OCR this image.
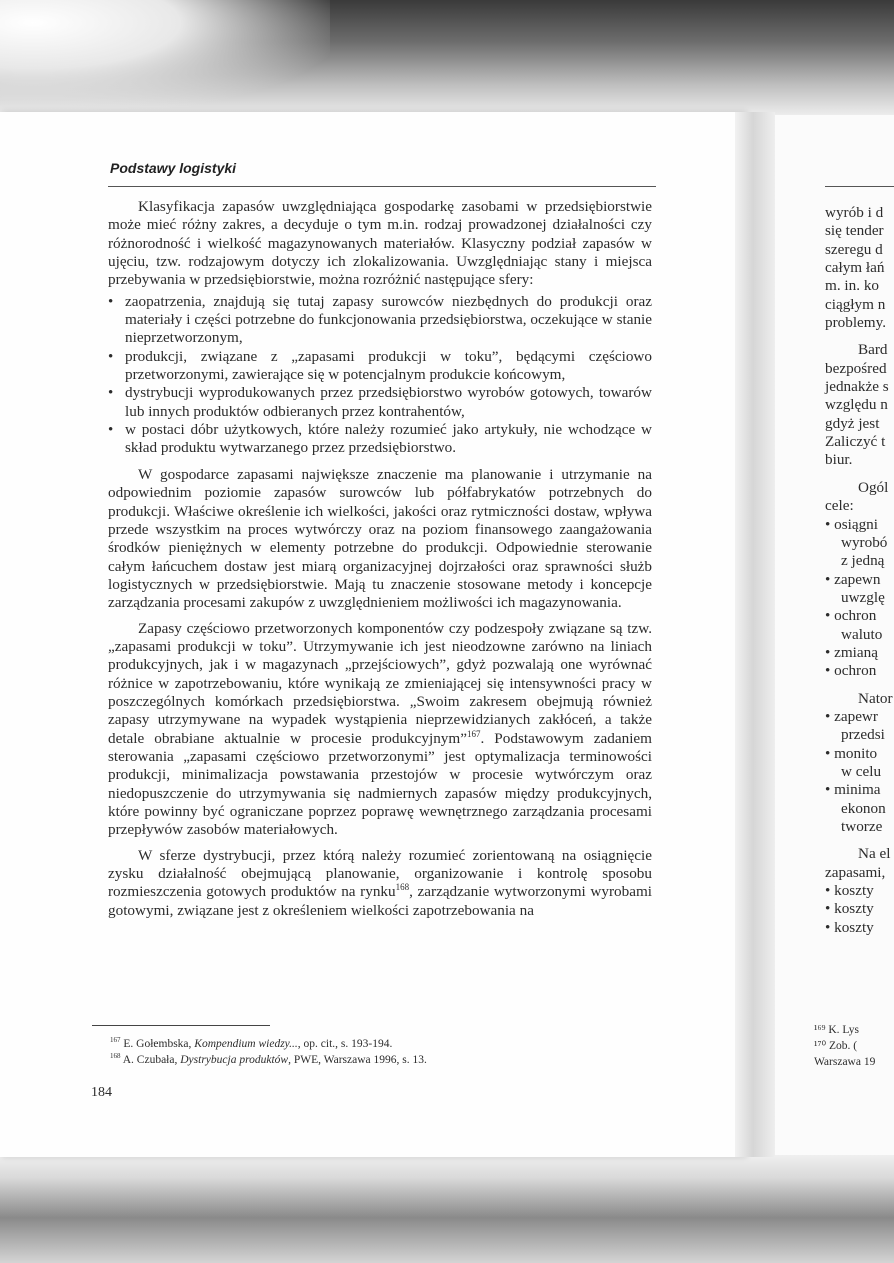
Podstawy logistyki

Klasyfikacja zapasów uwzględniająca gospodarkę zasobami w przedsiębiorstwie może mieć różny zakres, a decyduje o tym m.in. rodzaj prowadzonej działalności czy różnorodność i wielkość magazynowanych materiałów. Klasyczny podział zapasów w ujęciu, tzw. rodzajowym dotyczy ich zlokalizowania. Uwzględniając stany i miejsca przebywania w przedsiębiorstwie, można rozróżnić następujące sfery:

• zaopatrzenia, znajdują się tutaj zapasy surowców niezbędnych do produkcji oraz materiały i części potrzebne do funkcjonowania przedsiębiorstwa, oczekujące w stanie nieprzetworzonym,
• produkcji, związane z „zapasami produkcji w toku”, będącymi częściowo przetworzonymi, zawierające się w potencjalnym produkcie końcowym,
• dystrybucji wyprodukowanych przez przedsiębiorstwo wyrobów gotowych, towarów lub innych produktów odbieranych przez kontrahentów,
• w postaci dóbr użytkowych, które należy rozumieć jako artykuły, nie wchodzące w skład produktu wytwarzanego przez przedsiębiorstwo.

W gospodarce zapasami największe znaczenie ma planowanie i utrzymanie na odpowiednim poziomie zapasów surowców lub półfabrykatów potrzebnych do produkcji. Właściwe określenie ich wielkości, jakości oraz rytmiczności dostaw, wpływa przede wszystkim na proces wytwórczy oraz na poziom finansowego zaangażowania środków pieniężnych w elementy potrzebne do produkcji. Odpowiednie sterowanie całym łańcuchem dostaw jest miarą organizacyjnej dojrzałości oraz sprawności służb logistycznych w przedsiębiorstwie. Mają tu znaczenie stosowane metody i koncepcje zarządzania procesami zakupów z uwzględnieniem możliwości ich magazynowania.

Zapasy częściowo przetworzonych komponentów czy podzespoły związane są tzw. „zapasami produkcji w toku”. Utrzymywanie ich jest nieodzowne zarówno na liniach produkcyjnych, jak i w magazynach „przejściowych”, gdyż pozwalają one wyrównać różnice w zapotrzebowaniu, które wynikają ze zmieniającej się intensywności pracy w poszczególnych komórkach przedsiębiorstwa. „Swoim zakresem obejmują również zapasy utrzymywane na wypadek wystąpienia nieprzewidzianych zakłóceń, a także detale obrabiane aktualnie w procesie produkcyjnym”$^{167}$. Podstawowym zadaniem sterowania „zapasami częściowo przetworzonymi” jest optymalizacja terminowości produkcji, minimalizacja powstawania przestojów w procesie wytwórczym oraz niedopuszczenie do utrzymywania się nadmiernych zapasów między produkcyjnych, które powinny być ograniczane poprzez poprawę wewnętrznego zarządzania procesami przepływów zasobów materiałowych.

W sferze dystrybucji, przez którą należy rozumieć zorientowaną na osiągnięcie zysku działalność obejmującą planowanie, organizowanie i kontrolę sposobu rozmieszczenia gotowych produktów na rynku$^{168}$, zarządzanie wytworzonymi wyrobami gotowymi, związane jest z określeniem wielkości zapotrzebowania na

$^{167}$ E. Gołembska, Kompendium wiedzy..., op. cit., s. 193-194.
$^{168}$ A. Czubała, Dystrybucja produktów, PWE, Warszawa 1996, s. 13.
184
wyrób i d
się tender
szeregu d
całym łań
m. in. ko
ciągłym n
problemy.
Bard
bezpośred
jednakże s
względu n
gdyż jest
Zaliczyć t
biur.
Ogól
cele:
• osiągni
wyrobó
z jedną
• zapewn
uwzglę
• ochron
waluto
• zmianą
• ochron
Nator
• zapewr
przedsi
• monito
w celu
• minima
ekonon
tworze
Na el
zapasami,
• koszty
• koszty
• koszty
¹⁶⁹ K. Lys
¹⁷⁰ Zob. (
Warszawa 19
